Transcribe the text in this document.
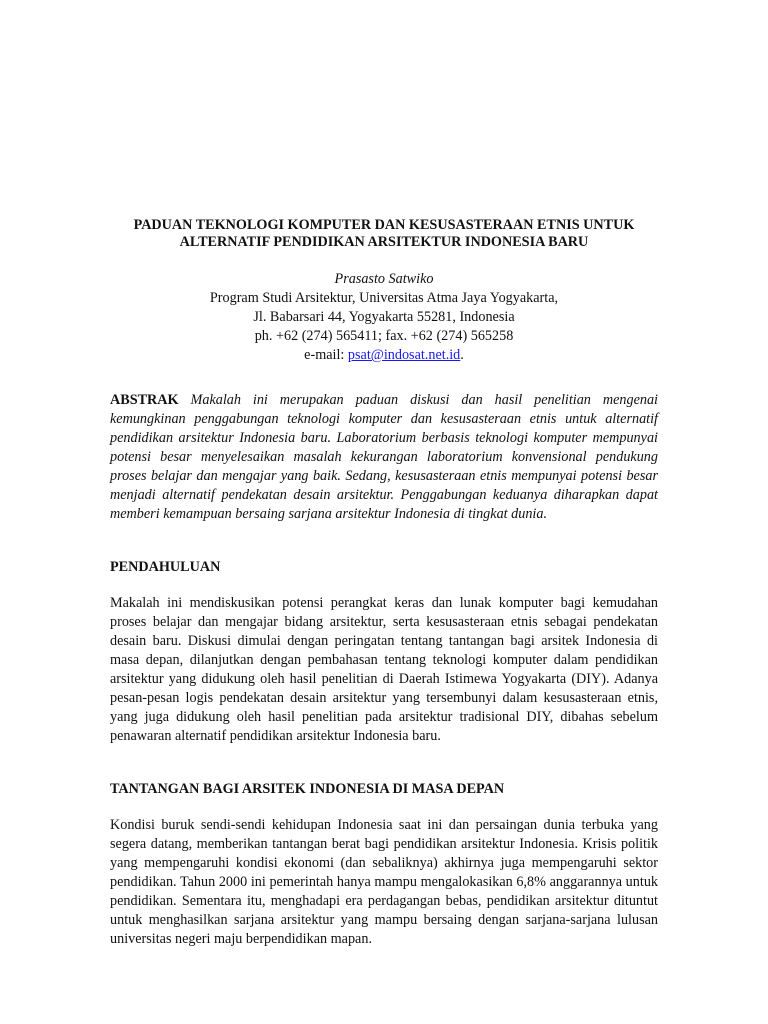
PADUAN TEKNOLOGI KOMPUTER DAN KESUSASTERAAN ETNIS UNTUK
ALTERNATIF PENDIDIKAN ARSITEKTUR INDONESIA BARU
Prasasto Satwiko
Program Studi Arsitektur, Universitas Atma Jaya Yogyakarta,
Jl. Babarsari 44, Yogyakarta 55281, Indonesia
ph. +62 (274) 565411; fax. +62 (274) 565258
e-mail: psat@indosat.net.id.
ABSTRAK Makalah ini merupakan paduan diskusi dan hasil penelitian mengenai kemungkinan penggabungan teknologi komputer dan kesusasteraan etnis untuk alternatif pendidikan arsitektur Indonesia baru. Laboratorium berbasis teknologi komputer mempunyai potensi besar menyelesaikan masalah kekurangan laboratorium konvensional pendukung proses belajar dan mengajar yang baik. Sedang, kesusasteraan etnis mempunyai potensi besar menjadi alternatif pendekatan desain arsitektur. Penggabungan keduanya diharapkan dapat memberi kemampuan bersaing sarjana arsitektur Indonesia di tingkat dunia.
PENDAHULUAN

Makalah ini mendiskusikan potensi perangkat keras dan lunak komputer bagi kemudahan proses belajar dan mengajar bidang arsitektur, serta kesusasteraan etnis sebagai pendekatan desain baru. Diskusi dimulai dengan peringatan tentang tantangan bagi arsitek Indonesia di masa depan, dilanjutkan dengan pembahasan tentang teknologi komputer dalam pendidikan arsitektur yang didukung oleh hasil penelitian di Daerah Istimewa Yogyakarta (DIY). Adanya pesan-pesan logis pendekatan desain arsitektur yang tersembunyi dalam kesusasteraan etnis, yang juga didukung oleh hasil penelitian pada arsitektur tradisional DIY, dibahas sebelum penawaran alternatif pendidikan arsitektur Indonesia baru.

TANTANGAN BAGI ARSITEK INDONESIA DI MASA DEPAN

Kondisi buruk sendi-sendi kehidupan Indonesia saat ini dan persaingan dunia terbuka yang segera datang, memberikan tantangan berat bagi pendidikan arsitektur Indonesia. Krisis politik yang mempengaruhi kondisi ekonomi (dan sebaliknya) akhirnya juga mempengaruhi sektor pendidikan. Tahun 2000 ini pemerintah hanya mampu mengalokasikan 6,8% anggarannya untuk pendidikan. Sementara itu, menghadapi era perdagangan bebas, pendidikan arsitektur dituntut untuk menghasilkan sarjana arsitektur yang mampu bersaing dengan sarjana-sarjana lulusan universitas negeri maju berpendidikan mapan.
